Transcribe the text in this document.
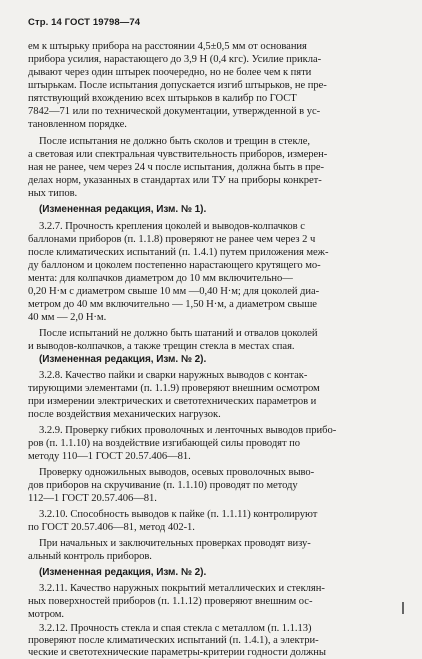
Стр. 14 ГОСТ 19798—74
ем к штырьку прибора на расстоянии 4,5±0,5 мм от основания
прибора усилия, нарастающего до 3,9 Н (0,4 кгс). Усилие прикла-
дывают через один штырек поочередно, но не более чем к пяти
штырькам. После испытания допускается изгиб штырьков, не пре-
пятствующий вхождению всех штырьков в калибр по ГОСТ
7842—71 или по технической документации, утвержденной в ус-
тановленном порядке.
После испытания не должно быть сколов и трещин в стекле,
а световая или спектральная чувствительность приборов, измерен-
ная не ранее, чем через 24 ч после испытания, должна быть в пре-
делах норм, указанных в стандартах или ТУ на приборы конкрет-
ных типов.
(Измененная редакция, Изм. № 1).
3.2.7. Прочность крепления цоколей и выводов-колпачков с
баллонами приборов (п. 1.1.8) проверяют не ранее чем через 2 ч
после климатических испытаний (п. 1.4.1) путем приложения меж-
ду баллоном и цоколем постепенно нарастающего крутящего мо-
мента: для колпачков диаметром до 10 мм включительно—
0,20 Н·м с диаметром свыше 10 мм —0,40 Н·м; для цоколей диа-
метром до 40 мм включительно — 1,50 Н·м, а диаметром свыше
40 мм — 2,0 Н·м.
После испытаний не должно быть шатаний и отвалов цоколей
и выводов-колпачков, а также трещин стекла в местах спая.
(Измененная редакция, Изм. № 2).
3.2.8. Качество пайки и сварки наружных выводов с контак-
тирующими элементами (п. 1.1.9) проверяют внешним осмотром
при измерении электрических и светотехнических параметров и
после воздействия механических нагрузок.
3.2.9. Проверку гибких проволочных и ленточных выводов прибо-
ров (п. 1.1.10) на воздействие изгибающей силы проводят по
методу 110—1 ГОСТ 20.57.406—81.
Проверку одножильных выводов, осевых проволочных выво-
дов приборов на скручивание (п. 1.1.10) проводят по методу
112—1 ГОСТ 20.57.406—81.
3.2.10. Способность выводов к пайке (п. 1.1.11) контролируют
по ГОСТ 20.57.406—81, метод 402-1.
При начальных и заключительных проверках проводят визу-
альный контроль приборов.
(Измененная редакция, Изм. № 2).
3.2.11. Качество наружных покрытий металлических и стеклян-
ных поверхностей приборов (п. 1.1.12) проверяют внешним ос-
мотром.
3.2.12. Прочность стекла и спая стекла с металлом (п. 1.1.13)
проверяют после климатических испытаний (п. 1.4.1), а электри-
ческие и светотехнические параметры-критерии годности должны
